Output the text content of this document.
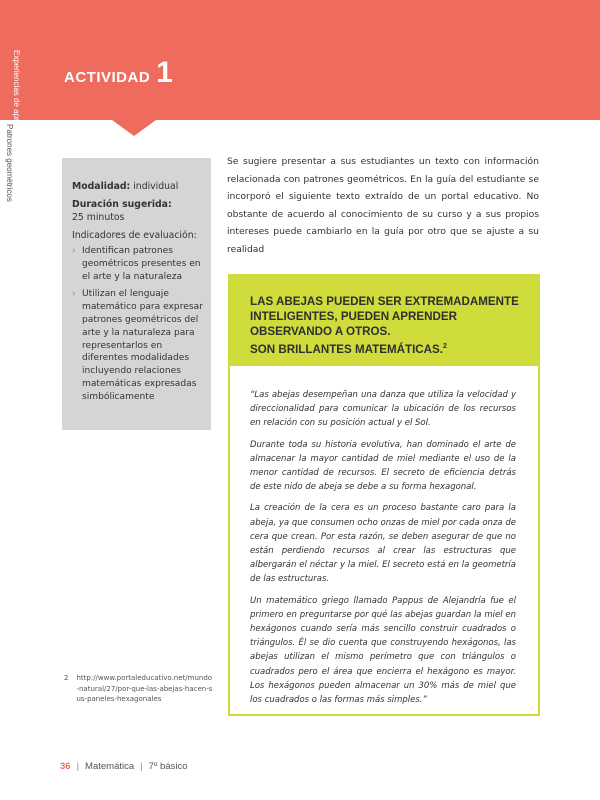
ACTIVIDAD 1
Experiencias de aprendizaje
Patrones geométricos	Modalidad: individual

Duración sugerida:
25 minutos

Indicadores de evaluación:

› Identifican patrones geométricos presentes en el arte y la naturaleza
› Utilizan el lenguaje matemático para expresar patrones geométricos del arte y la naturaleza para representarlos en diferentes modalidades incluyendo relaciones matemáticas expresadas simbólicamente
Se sugiere presentar a sus estudiantes un texto con información relacionada con patrones geométricos. En la guía del estudiante se incorporó el siguiente texto extraído de un portal educativo. No obstante de acuerdo al conocimiento de su curso y a sus propios intereses puede cambiarlo en la guía por otro que se ajuste a su realidad
LAS ABEJAS PUEDEN SER EXTREMADAMENTE INTELIGENTES, PUEDEN APRENDER OBSERVANDO A OTROS.
SON BRILLANTES MATEMÁTICAS.$^2$

“Las abejas desempeñan una danza que utiliza la velocidad y direccionalidad para comunicar la ubicación de los recursos en relación con su posición actual y el Sol.

Durante toda su historia evolutiva, han dominado el arte de almacenar la mayor cantidad de miel mediante el uso de la menor cantidad de recursos. El secreto de eficiencia detrás de este nido de abeja se debe a su forma hexagonal.

La creación de la cera es un proceso bastante caro para la abeja, ya que consumen ocho onzas de miel por cada onza de cera que crean. Por esta razón, se deben asegurar de que no están perdiendo recursos al crear las estructuras que albergarán el néctar y la miel. El secreto está en la geometría de las estructuras.

Un matemático griego llamado Pappus de Alejandría fue el primero en preguntarse por qué las abejas guardan la miel en hexágonos cuando sería más sencillo construir cuadrados o triángulos. Él se dio cuenta que construyendo hexágonos, las abejas utilizan el mismo perímetro que con triángulos o cuadrados pero el área que encierra el hexágono es mayor. Los hexágonos pueden almacenar un 30% más de miel que los cuadrados o las formas más simples.”

2 http://www.portaleducativo.net/mundo-natural/27/por-que-las-abejas-hacen-sus-paneles-hexagonales
36 | Matemática | 7º básico
